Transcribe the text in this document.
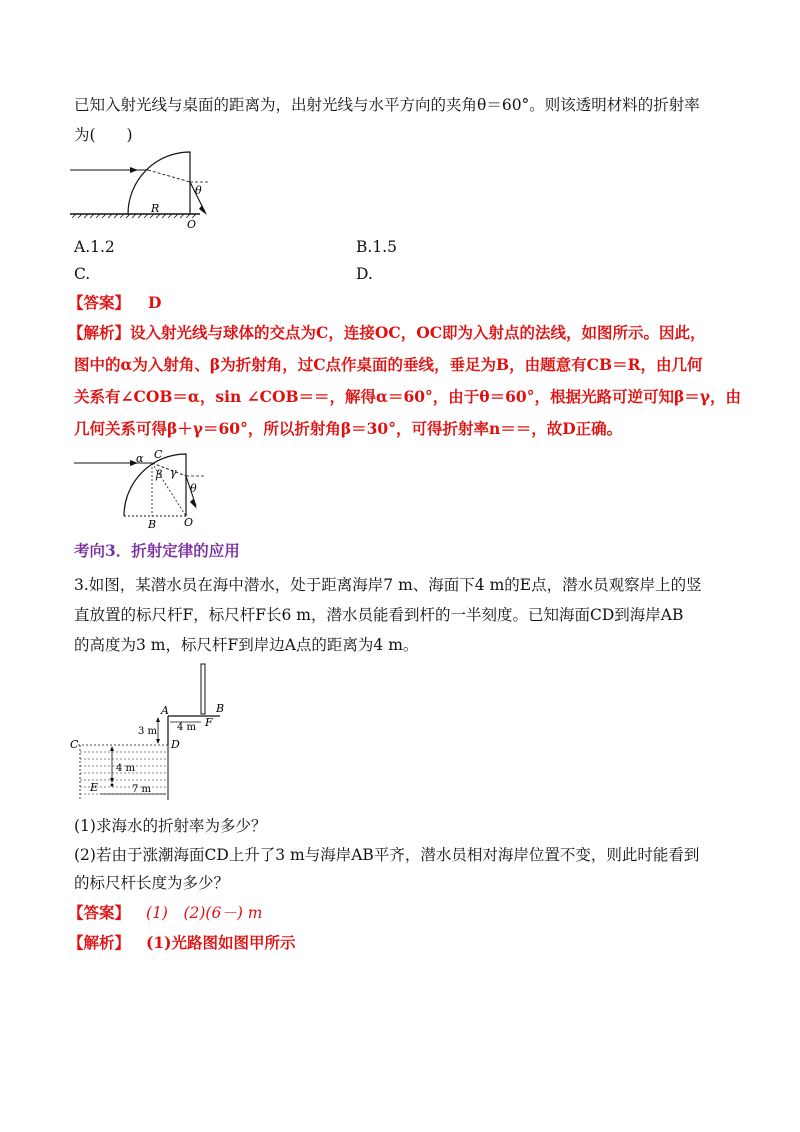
已知入射光线与桌面的距离为，出射光线与水平方向的夹角θ＝60°。则该透明材料的折射率
为(　　)
θ
R
O
A.1.2	B.1.5
C.	D.
【答案】 D
【解析】设入射光线与球体的交点为C，连接OC，OC即为入射点的法线，如图所示。因此，
图中的α为入射角、β为折射角，过C点作桌面的垂线，垂足为B，由题意有CB＝R，由几何
关系有∠COB＝α，sin ∠COB＝＝，解得α＝60°，由于θ＝60°，根据光路可逆可知β＝γ，由
几何关系可得β＋γ＝60°，所以折射角β＝30°，可得折射率n＝＝，故D正确。
α C
β γ
θ
B	O
考向3．折射定律的应用
3.如图，某潜水员在海中潜水，处于距离海岸7 m、海面下4 m的E点，潜水员观察岸上的竖
直放置的标尺杆F，标尺杆F长6 m，潜水员能看到杆的一半刻度。已知海面CD到海岸AB
的高度为3 m，标尺杆F到岸边A点的距离为4 m。
A	B
F
C	D
E
3 m 4 m
4 m
7 m
(1)求海水的折射率为多少？
(2)若由于涨潮海面CD上升了3 m与海岸AB平齐，潜水员相对海岸位置不变，则此时能看到
的标尺杆长度为多少？
【答案】 (1)　(2)(6－) m
【解析】 (1)光路图如图甲所示
